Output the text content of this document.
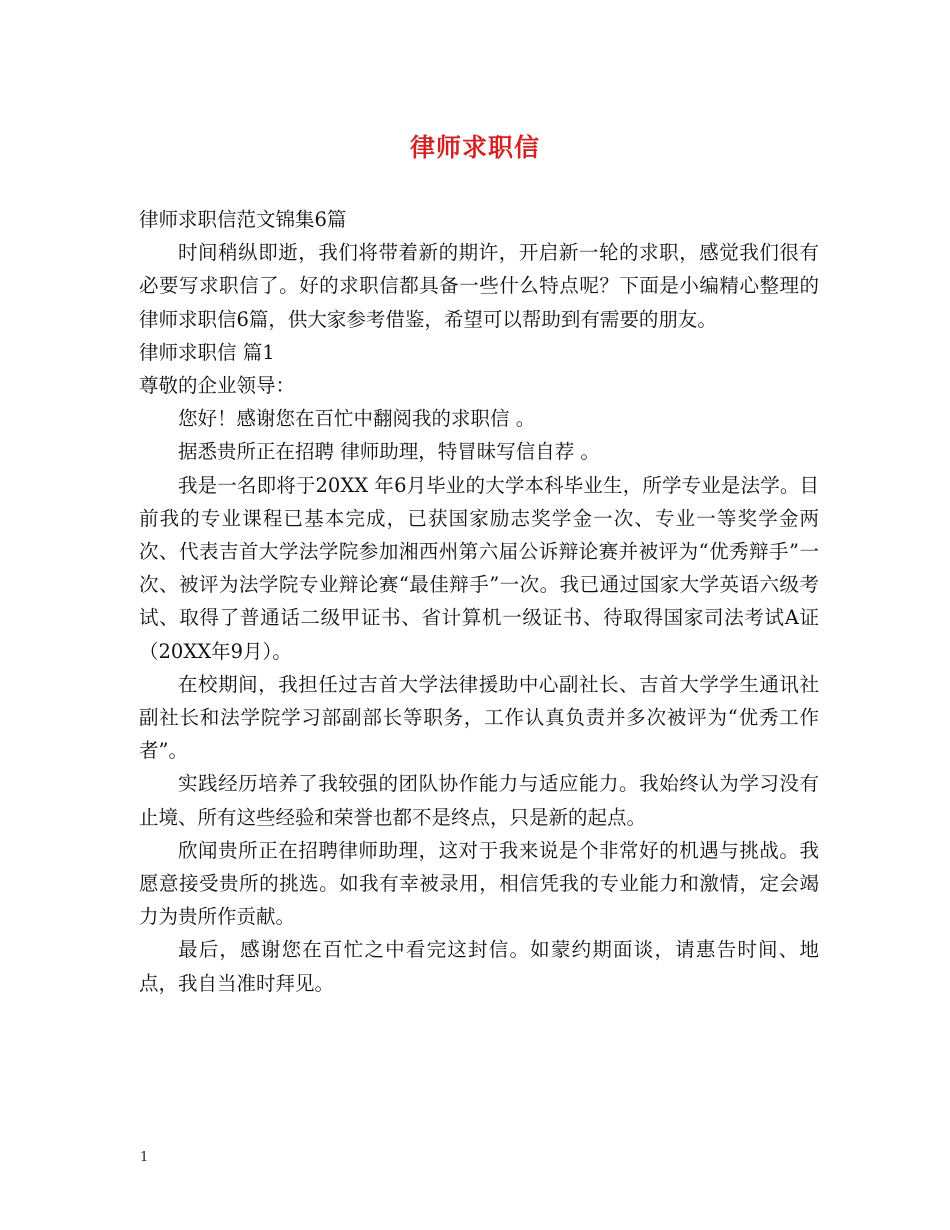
律师求职信

律师求职信范文锦集6篇

时间稍纵即逝，我们将带着新的期许，开启新一轮的求职，感觉我们很有必要写求职信了。好的求职信都具备一些什么特点呢？下面是小编精心整理的律师求职信6篇，供大家参考借鉴，希望可以帮助到有需要的朋友。

律师求职信 篇1

尊敬的企业领导：

您好！感谢您在百忙中翻阅我的求职信 。

据悉贵所正在招聘 律师助理，特冒昧写信自荐 。

我是一名即将于20XX 年6月毕业的大学本科毕业生，所学专业是法学。目前我的专业课程已基本完成，已获国家励志奖学金一次、专业一等奖学金两次、代表吉首大学法学院参加湘西州第六届公诉辩论赛并被评为“优秀辩手”一次、被评为法学院专业辩论赛“最佳辩手”一次。我已通过国家大学英语六级考试、取得了普通话二级甲证书、省计算机一级证书、待取得国家司法考试A证（20XX年9月）。

在校期间，我担任过吉首大学法律援助中心副社长、吉首大学学生通讯社副社长和法学院学习部副部长等职务，工作认真负责并多次被评为“优秀工作者”。

实践经历培养了我较强的团队协作能力与适应能力。我始终认为学习没有止境、所有这些经验和荣誉也都不是终点，只是新的起点。

欣闻贵所正在招聘律师助理，这对于我来说是个非常好的机遇与挑战。我愿意接受贵所的挑选。如我有幸被录用，相信凭我的专业能力和激情，定会竭力为贵所作贡献。

最后，感谢您在百忙之中看完这封信。如蒙约期面谈，请惠告时间、地点，我自当准时拜见。

1
